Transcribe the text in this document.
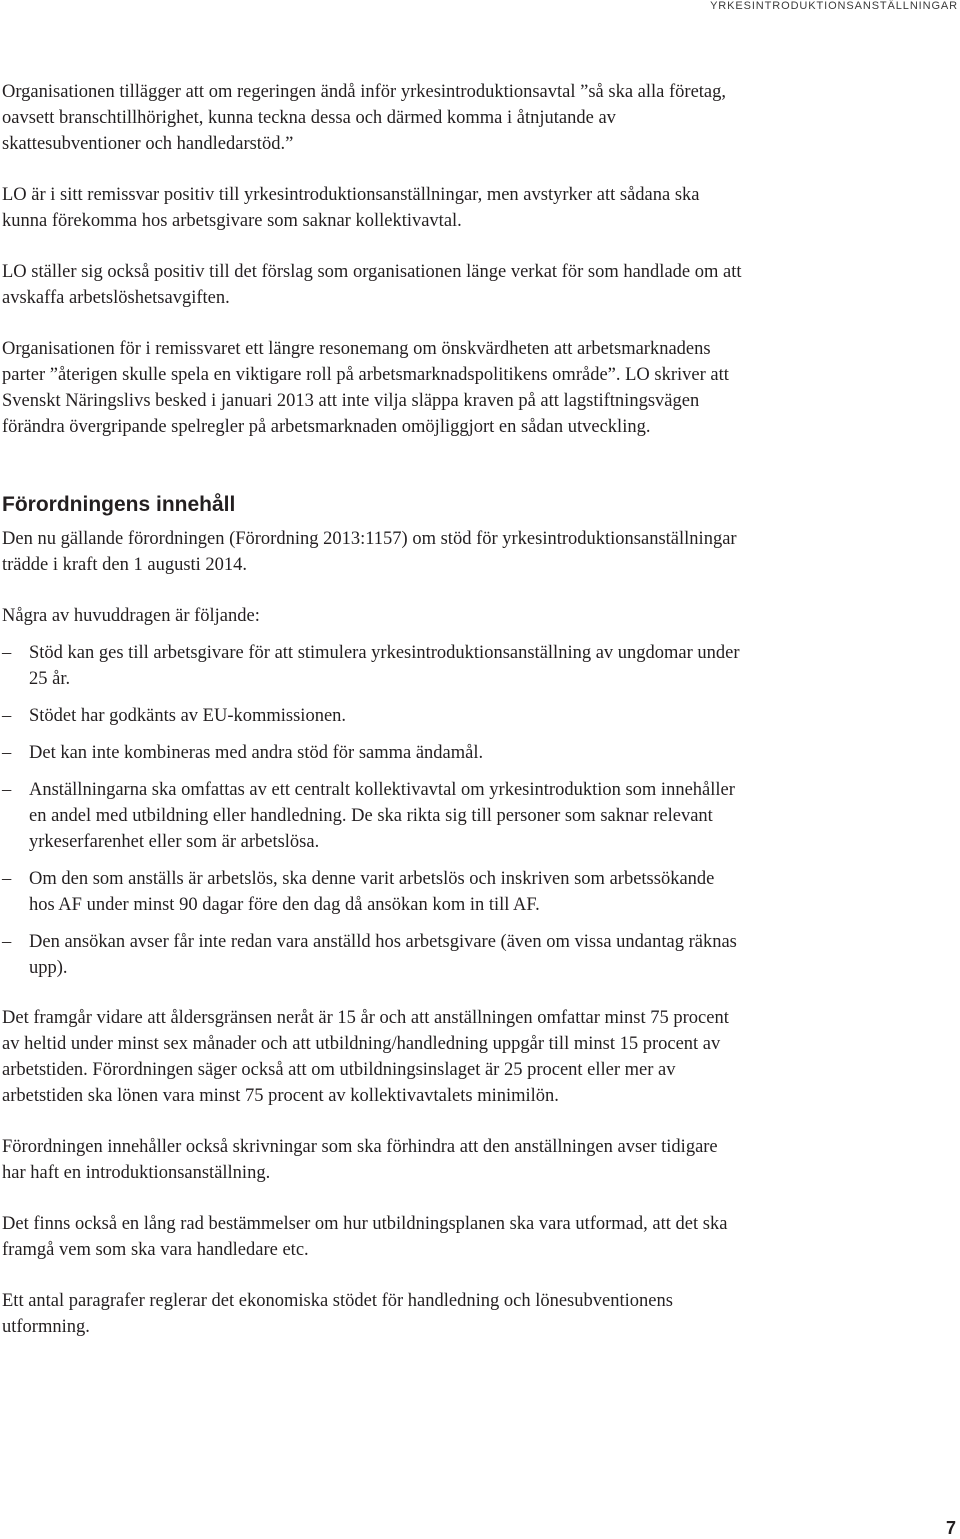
YRKESINTRODUKTIONSANSTÄLLNINGAR

Organisationen tillägger att om regeringen ändå inför yrkesintroduktionsavtal ”så ska alla företag, oavsett branschtillhörighet, kunna teckna dessa och därmed komma i åtnjutande av skattesubventioner och handledarstöd.”

LO är i sitt remissvar positiv till yrkesintroduktionsanställningar, men avstyrker att sådana ska kunna förekomma hos arbetsgivare som saknar kollektivavtal.

LO ställer sig också positiv till det förslag som organisationen länge verkat för som handlade om att avskaffa arbetslöshetsavgiften.

Organisationen för i remissvaret ett längre resonemang om önskvärdheten att arbetsmarknadens parter ”återigen skulle spela en viktigare roll på arbetsmarknadspolitikens område”. LO skriver att Svenskt Näringslivs besked i januari 2013 att inte vilja släppa kraven på att lagstiftningsvägen förändra övergripande spelregler på arbetsmarknaden omöjliggjort en sådan utveckling.

Förordningens innehåll

Den nu gällande förordningen (Förordning 2013:1157) om stöd för yrkesintroduktionsanställningar trädde i kraft den 1 augusti 2014.

Några av huvuddragen är följande:

– Stöd kan ges till arbetsgivare för att stimulera yrkesintroduktionsanställning av ungdomar under 25 år.
– Stödet har godkänts av EU-kommissionen.
– Det kan inte kombineras med andra stöd för samma ändamål.
– Anställningarna ska omfattas av ett centralt kollektivavtal om yrkesintroduktion som innehåller en andel med utbildning eller handledning. De ska rikta sig till personer som saknar relevant yrkeserfarenhet eller som är arbetslösa.
– Om den som anställs är arbetslös, ska denne varit arbetslös och inskriven som arbetssökande hos AF under minst 90 dagar före den dag då ansökan kom in till AF.
– Den ansökan avser får inte redan vara anställd hos arbetsgivare (även om vissa undantag räknas upp).

Det framgår vidare att åldersgränsen neråt är 15 år och att anställningen omfattar minst 75 procent av heltid under minst sex månader och att utbildning/handledning uppgår till minst 15 procent av arbetstiden. Förordningen säger också att om utbildningsinslaget är 25 procent eller mer av arbetstiden ska lönen vara minst 75 procent av kollektivavtalets minimilön.

Förordningen innehåller också skrivningar som ska förhindra att den anställningen avser tidigare har haft en introduktionsanställning.

Det finns också en lång rad bestämmelser om hur utbildningsplanen ska vara utformad, att det ska framgå vem som ska vara handledare etc.

Ett antal paragrafer reglerar det ekonomiska stödet för handledning och lönesubventionens utformning.

7
